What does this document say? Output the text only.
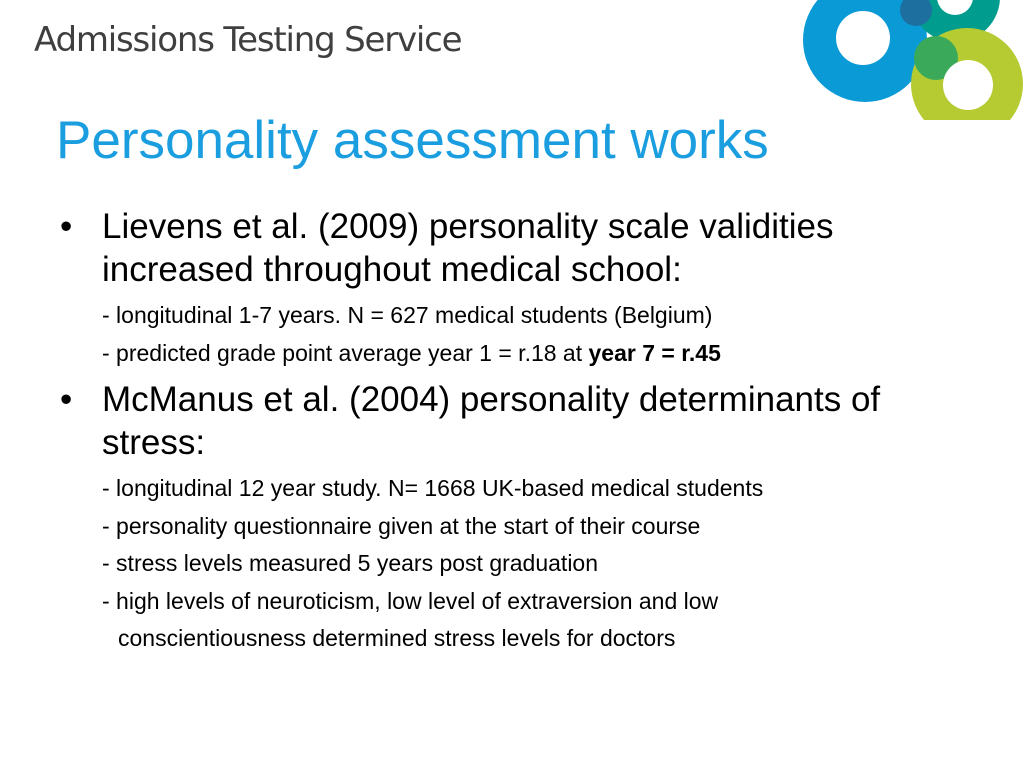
Admissions Testing Service
Personality assessment works
• Lievens et al. (2009) personality scale validities increased throughout medical school:
- longitudinal 1-7 years. N = 627 medical students (Belgium)
- predicted grade point average year 1 = r.18 at year 7 = r.45
• McManus et al. (2004) personality determinants of stress:
- longitudinal 12 year study. N= 1668 UK-based medical students
- personality questionnaire given at the start of their course
- stress levels measured 5 years post graduation
- high levels of neuroticism, low level of extraversion and low
conscientiousness determined stress levels for doctors
